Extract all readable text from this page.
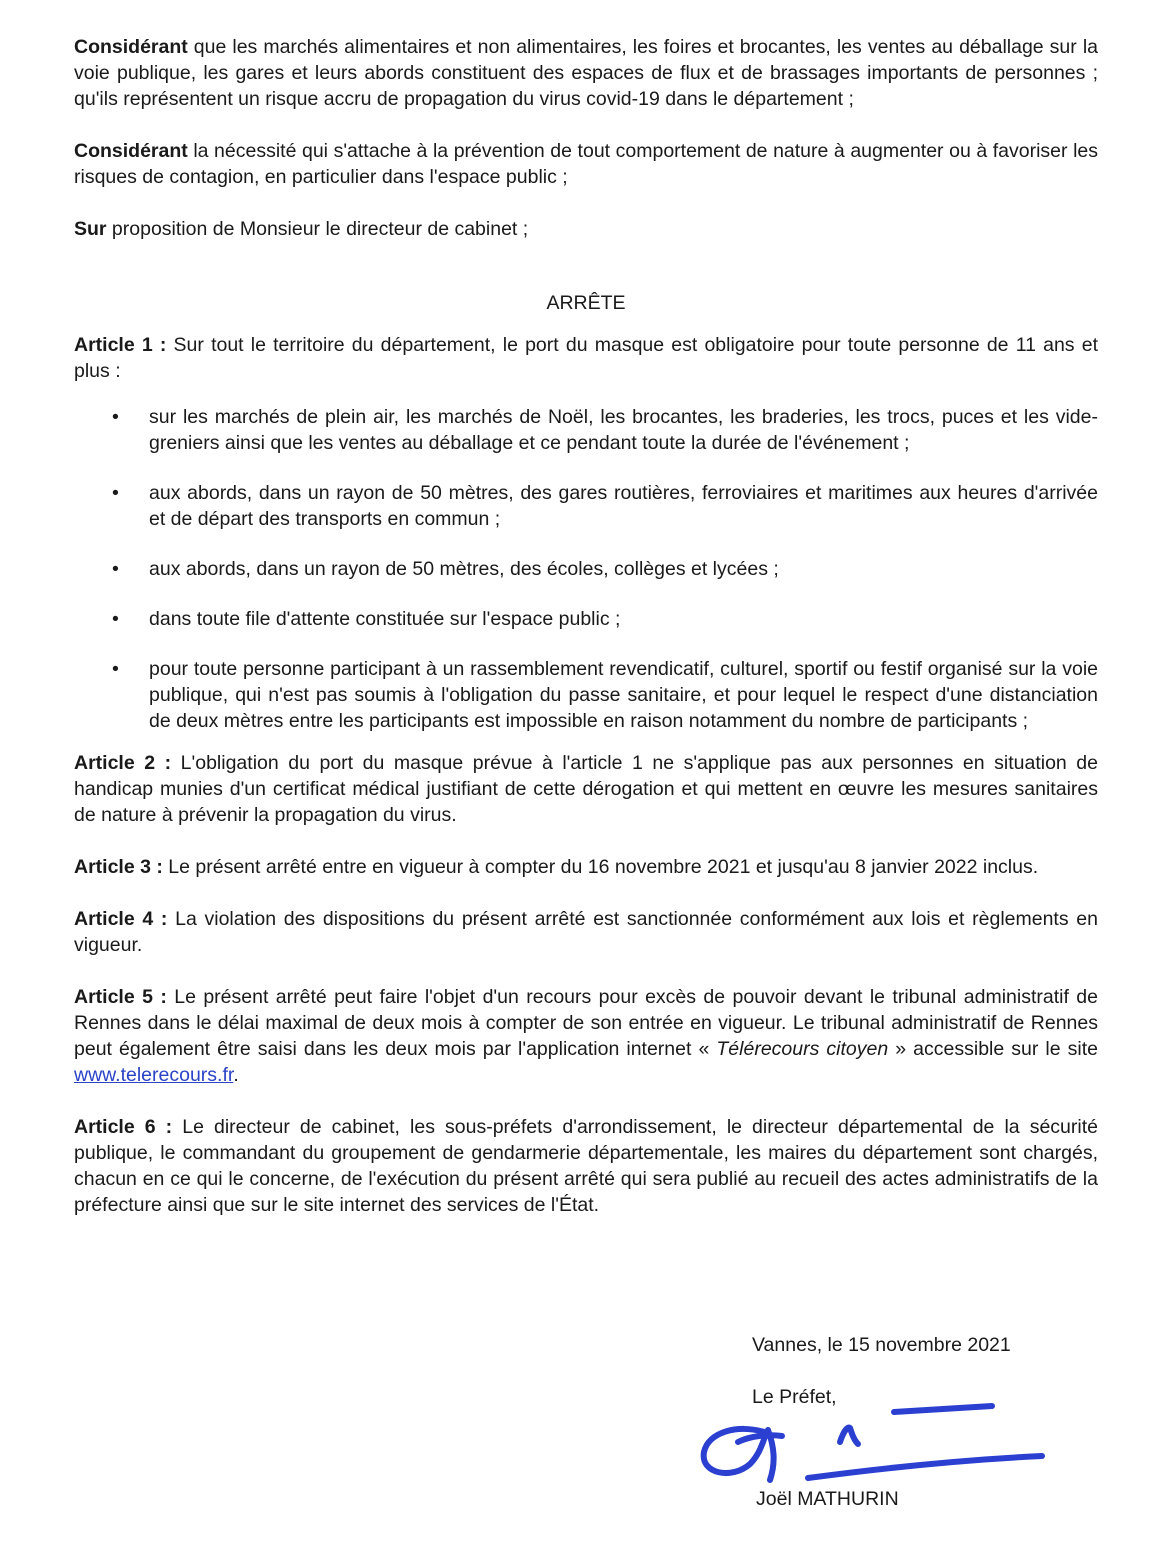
Considérant que les marchés alimentaires et non alimentaires, les foires et brocantes, les ventes au déballage sur la voie publique, les gares et leurs abords constituent des espaces de flux et de brassages importants de personnes ; qu'ils représentent un risque accru de propagation du virus covid-19 dans le département ;

Considérant la nécessité qui s'attache à la prévention de tout comportement de nature à augmenter ou à favoriser les risques de contagion, en particulier dans l'espace public ;

Sur proposition de Monsieur le directeur de cabinet ;

ARRÊTE

Article 1 : Sur tout le territoire du département, le port du masque est obligatoire pour toute personne de 11 ans et plus :

• sur les marchés de plein air, les marchés de Noël, les brocantes, les braderies, les trocs, puces et les vide-greniers ainsi que les ventes au déballage et ce pendant toute la durée de l'événement ;
• aux abords, dans un rayon de 50 mètres, des gares routières, ferroviaires et maritimes aux heures d'arrivée et de départ des transports en commun ;
• aux abords, dans un rayon de 50 mètres, des écoles, collèges et lycées ;
• dans toute file d'attente constituée sur l'espace public ;
• pour toute personne participant à un rassemblement revendicatif, culturel, sportif ou festif organisé sur la voie publique, qui n'est pas soumis à l'obligation du passe sanitaire, et pour lequel le respect d'une distanciation de deux mètres entre les participants est impossible en raison notamment du nombre de participants ;

Article 2 : L'obligation du port du masque prévue à l'article 1 ne s'applique pas aux personnes en situation de handicap munies d'un certificat médical justifiant de cette dérogation et qui mettent en œuvre les mesures sanitaires de nature à prévenir la propagation du virus.

Article 3 : Le présent arrêté entre en vigueur à compter du 16 novembre 2021 et jusqu'au 8 janvier 2022 inclus.

Article 4 : La violation des dispositions du présent arrêté est sanctionnée conformément aux lois et règlements en vigueur.

Article 5 : Le présent arrêté peut faire l'objet d'un recours pour excès de pouvoir devant le tribunal administratif de Rennes dans le délai maximal de deux mois à compter de son entrée en vigueur. Le tribunal administratif de Rennes peut également être saisi dans les deux mois par l'application internet « Télérecours citoyen » accessible sur le site www.telerecours.fr.

Article 6 : Le directeur de cabinet, les sous-préfets d'arrondissement, le directeur départemental de la sécurité publique, le commandant du groupement de gendarmerie départementale, les maires du département sont chargés, chacun en ce qui le concerne, de l'exécution du présent arrêté qui sera publié au recueil des actes administratifs de la préfecture ainsi que sur le site internet des services de l'État.

Vannes, le 15 novembre 2021
Le Préfet,
Joël MATHURIN
